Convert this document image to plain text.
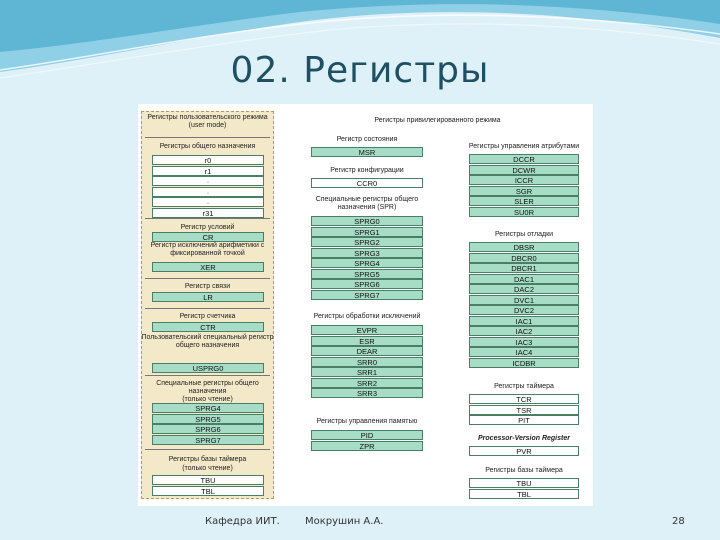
02. Регистры
Регистры пользовательского режима (user mode)
Регистры общего назначения
r0
r1
·
·
·
r31
Регистр условий
CR
Регистр исключений арифметики с фиксированной точкой
XER
Регистр связи
LR
Регистр счетчика
CTR
Пользовательский специальный регистр общего назначения
USPRG0
Специальные регистры общего назначения
(только чтение)
SPRG4
SPRG5
SPRG6
SPRG7
Регистры базы таймера
(только чтение)
TBU
TBL
Регистры привилегированного режима
Регистр состояния
MSR
Регистр конфигурации
CCR0
Специальные регистры общего назначения (SPR)
SPRG0
SPRG1
SPRG2
SPRG3
SPRG4
SPRG5
SPRG6
SPRG7
Регистры обработки исключений
EVPR
ESR
DEAR
SRR0
SRR1
SRR2
SRR3
Регистры управления памятью
PID
ZPR
Регистры управления атрибутами
DCCR
DCWR
ICCR
SGR
SLER
SU0R
Регистры отладки
DBSR
DBCR0
DBCR1
DAC1
DAC2
DVC1
DVC2
IAC1
IAC2
IAC3
IAC4
ICDBR
Регистры таймера
TCR
TSR
PIT
Processor-Version Register
PVR
Регистры базы таймера
TBU
TBL
Кафедра ИИТ.	Мокрушин А.А.	28
